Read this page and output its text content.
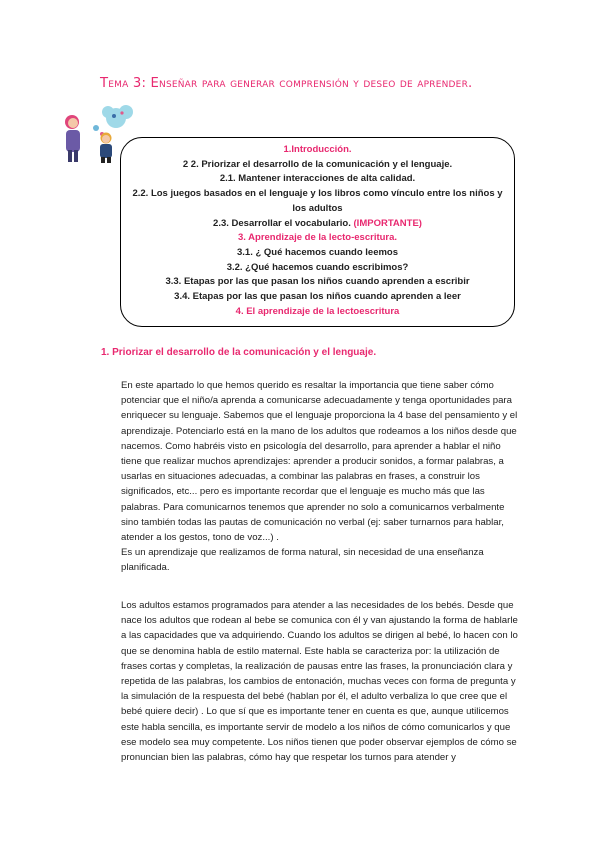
Tema 3: Enseñar para generar comprensión y deseo de aprender.
1.Introducción.
2 2. Priorizar el desarrollo de la comunicación y el lenguaje.
2.1. Mantener interacciones de alta calidad.
2.2. Los juegos basados en el lenguaje y los libros como vínculo entre los niños y los adultos
2.3. Desarrollar el vocabulario. (IMPORTANTE)
3. Aprendizaje de la lecto-escritura.
3.1. ¿ Qué hacemos cuando leemos
3.2. ¿Qué hacemos cuando escribimos?
3.3. Etapas por las que pasan los niños cuando aprenden a escribir
3.4. Etapas por las que pasan los niños cuando aprenden a leer
4. El aprendizaje de la lectoescritura
1. Priorizar el desarrollo de la comunicación y el lenguaje.
En este apartado lo que hemos querido es resaltar la importancia que tiene saber cómo potenciar que el niño/a aprenda a comunicarse adecuadamente y tenga oportunidades para enriquecer su lenguaje. Sabemos que el lenguaje proporciona la 4 base del pensamiento y el aprendizaje. Potenciarlo está en la mano de los adultos que rodeamos a los niños desde que nacemos. Como habréis visto en psicología del desarrollo, para aprender a hablar el niño tiene que realizar muchos aprendizajes: aprender a producir sonidos, a formar palabras, a usarlas en situaciones adecuadas, a combinar las palabras en frases, a construir los significados, etc... pero es importante recordar que el lenguaje es mucho más que las palabras. Para comunicarnos tenemos que aprender no solo a comunicarnos verbalmente sino también todas las pautas de comunicación no verbal (ej: saber turnarnos para hablar, atender a los gestos, tono de voz...) .
Es un aprendizaje que realizamos de forma natural, sin necesidad de una enseñanza planificada.
Los adultos estamos programados para atender a las necesidades de los bebés. Desde que nace los adultos que rodean al bebe se comunica con él y van ajustando la forma de hablarle a las capacidades que va adquiriendo. Cuando los adultos se dirigen al bebé, lo hacen con lo que se denomina habla de estilo maternal. Este habla se caracteriza por: la utilización de frases cortas y completas, la realización de pausas entre las frases, la pronunciación clara y repetida de las palabras, los cambios de entonación, muchas veces con forma de pregunta y la simulación de la respuesta del bebé (hablan por él, el adulto verbaliza lo que cree que el bebé quiere decir) . Lo que sí que es importante tener en cuenta es que, aunque utilicemos este habla sencilla, es importante servir de modelo a los niños de cómo comunicarlos y que ese modelo sea muy competente. Los niños tienen que poder observar ejemplos de cómo se pronuncian bien las palabras, cómo hay que respetar los turnos para atender y
